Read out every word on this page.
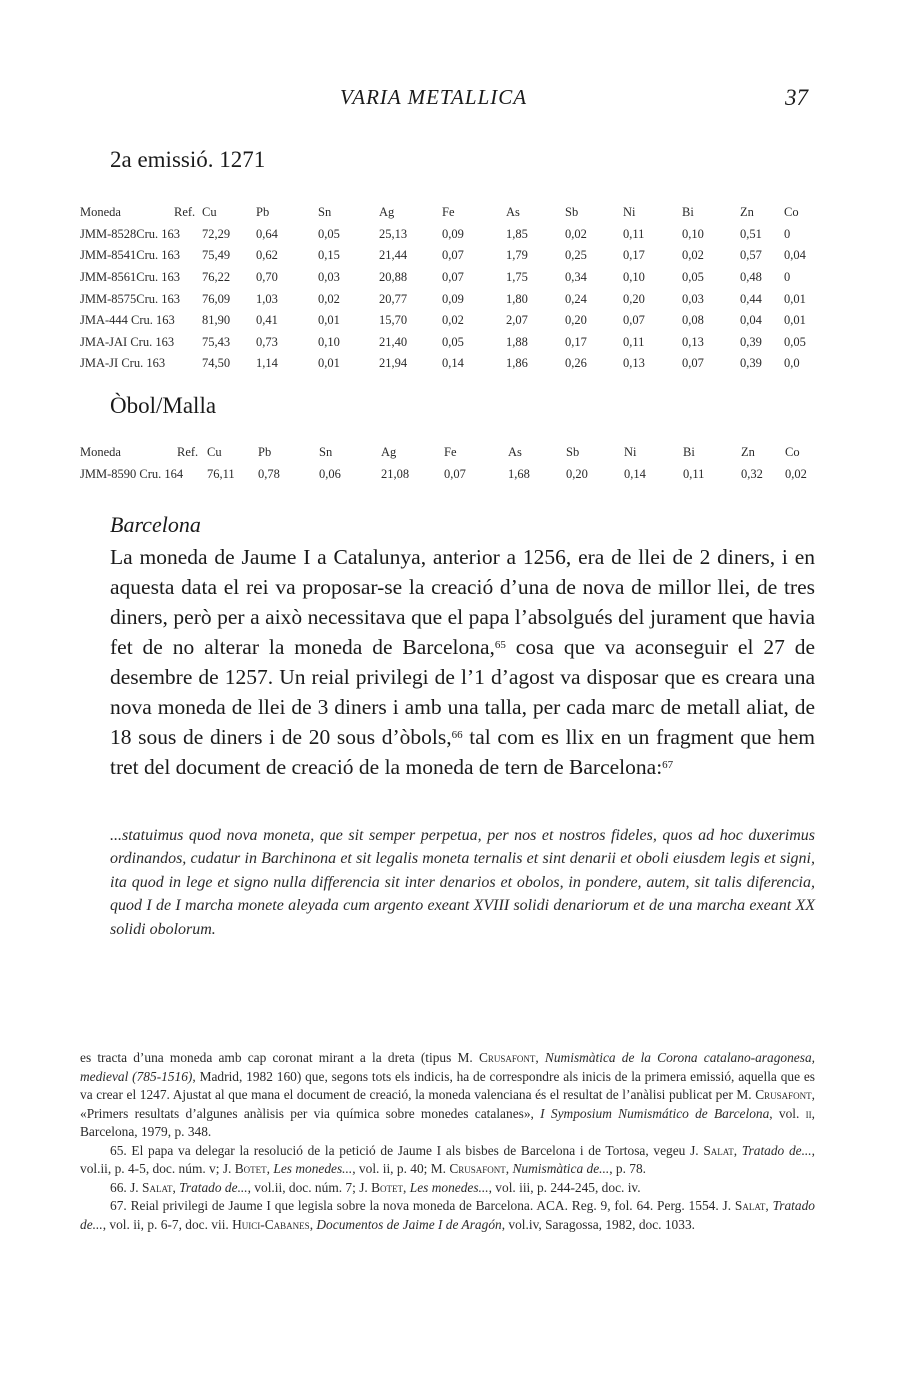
VARIA METALLICA	37
2a emissió. 1271
Moneda	Ref.	Cu	Pb	Sn	Ag	Fe	As	Sb	Ni	Bi	Zn	Co
JMM-8528Cru. 163		72,29	0,64	0,05	25,13	0,09	1,85	0,02	0,11	0,10	0,51	0
JMM-8541Cru. 163		75,49	0,62	0,15	21,44	0,07	1,79	0,25	0,17	0,02	0,57	0,04
JMM-8561Cru. 163		76,22	0,70	0,03	20,88	0,07	1,75	0,34	0,10	0,05	0,48	0
JMM-8575Cru. 163		76,09	1,03	0,02	20,77	0,09	1,80	0,24	0,20	0,03	0,44	0,01
JMA-444 Cru. 163		81,90	0,41	0,01	15,70	0,02	2,07	0,20	0,07	0,08	0,04	0,01
JMA-JAI Cru. 163		75,43	0,73	0,10	21,40	0,05	1,88	0,17	0,11	0,13	0,39	0,05
JMA-JI Cru. 163		74,50	1,14	0,01	21,94	0,14	1,86	0,26	0,13	0,07	0,39	0,0
Òbol/Malla
Moneda	Ref.	Cu	Pb	Sn	Ag	Fe	As	Sb	Ni	Bi	Zn	Co
JMM-8590 Cru. 164		76,11	0,78	0,06	21,08	0,07	1,68	0,20	0,14	0,11	0,32	0,02
Barcelona
La moneda de Jaume I a Catalunya, anterior a 1256, era de llei de 2 diners, i en aquesta data el rei va proposar-se la creació d’una de nova de millor llei, de tres diners, però per a això necessitava que el papa l’absolgués del jurament que havia fet de no alterar la moneda de Barcelona,$^{65}$ cosa que va aconseguir el 27 de desembre de 1257. Un reial privilegi de l’1 d’agost va disposar que es creara una nova moneda de llei de 3 diners i amb una talla, per cada marc de metall aliat, de 18 sous de diners i de 20 sous d’òbols,$^{66}$ tal com es llix en un fragment que hem tret del document de creació de la moneda de tern de Barcelona:$^{67}$
...statuimus quod nova moneta, que sit semper perpetua, per nos et nostros fideles, quos ad hoc duxerimus ordinandos, cudatur in Barchinona et sit legalis moneta ternalis et sint denarii et oboli eiusdem legis et signi, ita quod in lege et signo nulla differencia sit inter denarios et obolos, in pondere, autem, sit talis diferencia, quod I de I marcha monete aleyada cum argento exeant XVIII solidi denariorum et de una marcha exeant XX solidi obolorum.

es tracta d’una moneda amb cap coronat mirant a la dreta (tipus M. Crusafont, Numismàtica de la Corona catalano-aragonesa, medieval (785-1516), Madrid, 1982 160) que, segons tots els indicis, ha de correspondre als inicis de la primera emissió, aquella que es va crear el 1247. Ajustat al que mana el document de creació, la moneda valenciana és el resultat de l’anàlisi publicat per M. Crusafont, «Primers resultats d’algunes anàlisis per via química sobre monedes catalanes», I Symposium Numismático de Barcelona, vol. ii, Barcelona, 1979, p. 348.

65. El papa va delegar la resolució de la petició de Jaume I als bisbes de Barcelona i de Tortosa, vegeu J. Salat, Tratado de..., vol.ii, p. 4-5, doc. núm. v; J. Botet, Les monedes..., vol. ii, p. 40; M. Crusafont, Numismàtica de..., p. 78.

66. J. Salat, Tratado de..., vol.ii, doc. núm. 7; J. Botet, Les monedes..., vol. iii, p. 244-245, doc. iv.

67. Reial privilegi de Jaume I que legisla sobre la nova moneda de Barcelona. ACA. Reg. 9, fol. 64. Perg. 1554. J. Salat, Tratado de..., vol. ii, p. 6-7, doc. vii. Huici-Cabanes, Documentos de Jaime I de Aragón, vol.iv, Saragossa, 1982, doc. 1033.
